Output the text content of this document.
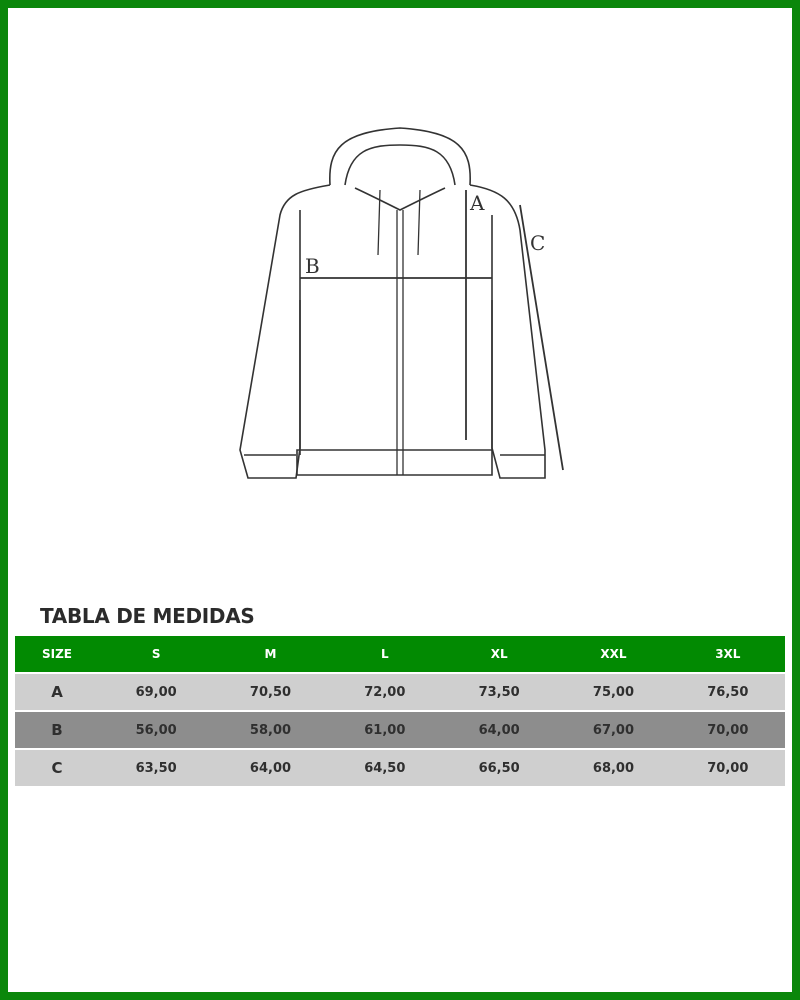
A
B
C
TABLA DE MEDIDAS
SIZE	S	M	L	XL	XXL	3XL
A	69,00	70,50	72,00	73,50	75,00	76,50
B	56,00	58,00	61,00	64,00	67,00	70,00
C	63,50	64,00	64,50	66,50	68,00	70,00
